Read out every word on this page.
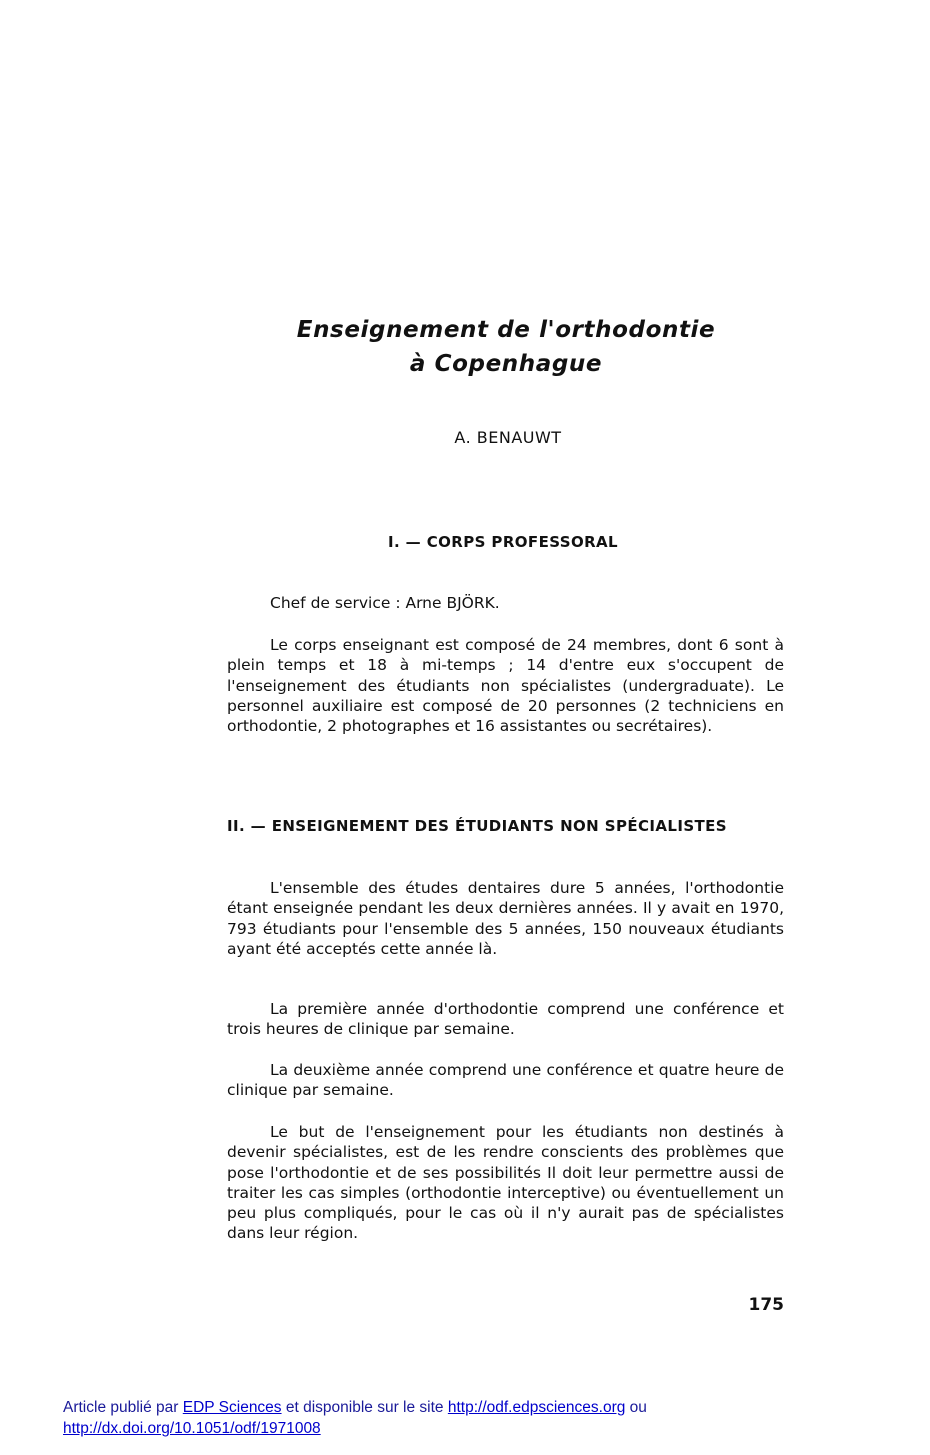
Enseignement de l'orthodontie
à Copenhague

A. BENAUWT

I. — CORPS PROFESSORAL

Chef de service : Arne BJÖRK.

Le corps enseignant est composé de 24 membres, dont 6 sont à plein temps et 18 à mi-temps ; 14 d'entre eux s'occupent de l'enseignement des étudiants non spécialistes (undergraduate). Le personnel auxiliaire est composé de 20 personnes (2 techniciens en orthodontie, 2 photographes et 16 assistantes ou secrétaires).

II. — ENSEIGNEMENT DES ÉTUDIANTS NON SPÉCIALISTES

L'ensemble des études dentaires dure 5 années, l'orthodontie étant enseignée pendant les deux dernières années. Il y avait en 1970, 793 étudiants pour l'ensemble des 5 années, 150 nouveaux étudiants ayant été acceptés cette année là.

La première année d'orthodontie comprend une conférence et trois heures de clinique par semaine.

La deuxième année comprend une conférence et quatre heure de clinique par semaine.

Le but de l'enseignement pour les étudiants non destinés à devenir spécialistes, est de les rendre conscients des problèmes que pose l'orthodontie et de ses possibilités Il doit leur permettre aussi de traiter les cas simples (orthodontie interceptive) ou éventuellement un peu plus compliqués, pour le cas où il n'y aurait pas de spécialistes dans leur région.

175

Article publié par EDP Sciences et disponible sur le site http://odf.edpsciences.org ou
http://dx.doi.org/10.1051/odf/1971008
